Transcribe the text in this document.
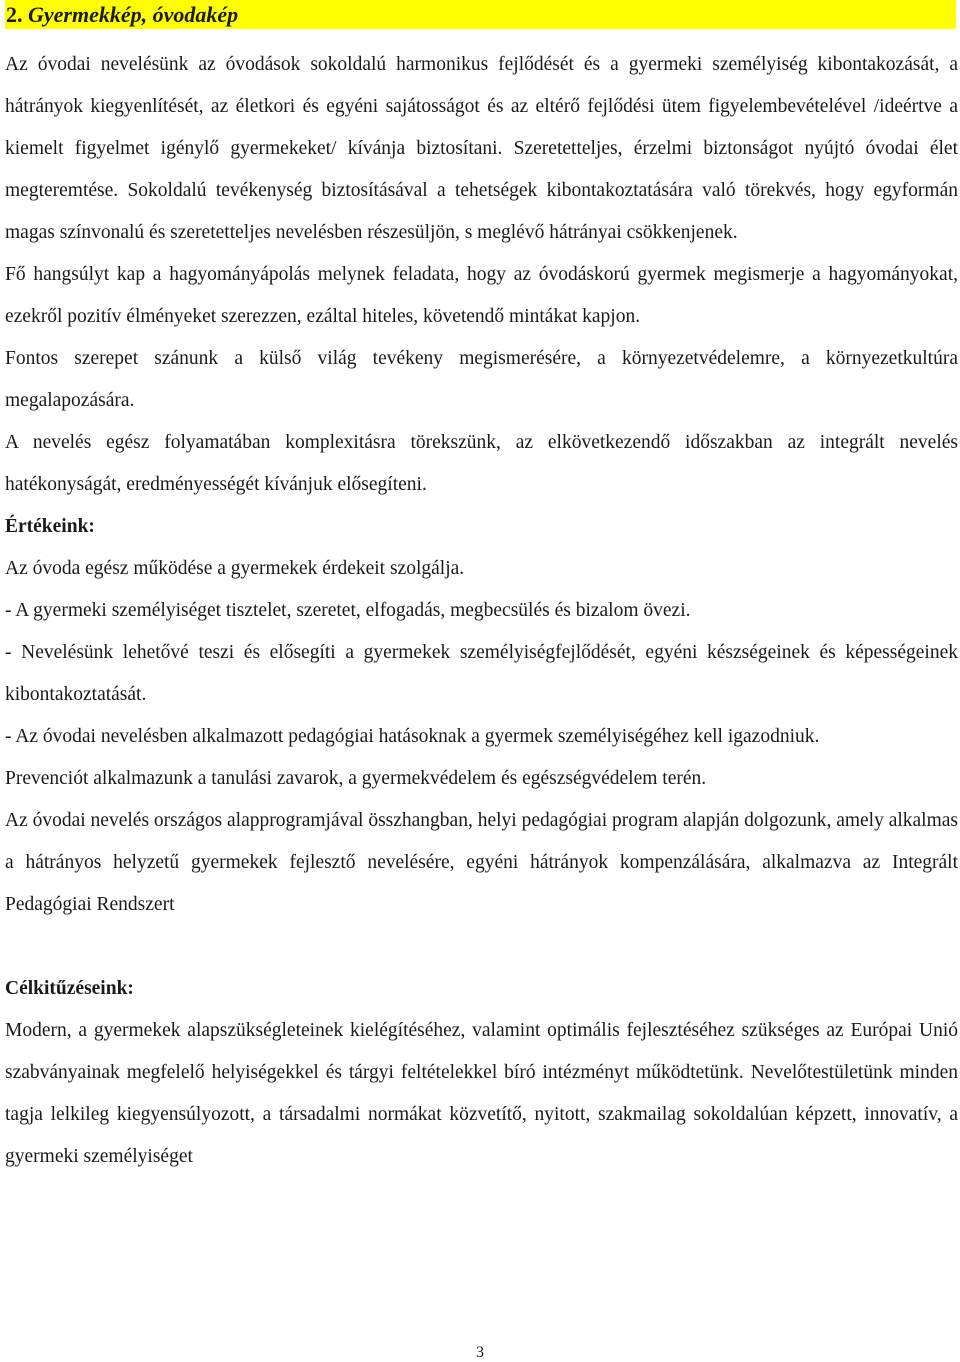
2. Gyermekkép, óvodakép

Az óvodai nevelésünk az óvodások sokoldalú harmonikus fejlődését és a gyermeki személyiség kibontakozását, a hátrányok kiegyenlítését, az életkori és egyéni sajátosságot és az eltérő fejlődési ütem figyelembevételével /ideértve a kiemelt figyelmet igénylő gyermekeket/ kívánja biztosítani. Szeretetteljes, érzelmi biztonságot nyújtó óvodai élet megteremtése. Sokoldalú tevékenység biztosításával a tehetségek kibontakoztatására való törekvés, hogy egyformán magas színvonalú és szeretetteljes nevelésben részesüljön, s meglévő hátrányai csökkenjenek.

Fő hangsúlyt kap a hagyományápolás melynek feladata, hogy az óvodáskorú gyermek megismerje a hagyományokat, ezekről pozitív élményeket szerezzen, ezáltal hiteles, követendő mintákat kapjon.

Fontos szerepet szánunk a külső világ tevékeny megismerésére, a környezetvédelemre, a környezetkultúra megalapozására.

A nevelés egész folyamatában komplexitásra törekszünk, az elkövetkezendő időszakban az integrált nevelés hatékonyságát, eredményességét kívánjuk elősegíteni.

Értékeink:

Az óvoda egész működése a gyermekek érdekeit szolgálja.

- A gyermeki személyiséget tisztelet, szeretet, elfogadás, megbecsülés és bizalom övezi.

- Nevelésünk lehetővé teszi és elősegíti a gyermekek személyiségfejlődését, egyéni készségeinek és képességeinek kibontakoztatását.

- Az óvodai nevelésben alkalmazott pedagógiai hatásoknak a gyermek személyiségéhez kell igazodniuk.

Prevenciót alkalmazunk a tanulási zavarok, a gyermekvédelem és egészségvédelem terén.

Az óvodai nevelés országos alapprogramjával összhangban, helyi pedagógiai program alapján dolgozunk, amely alkalmas a hátrányos helyzetű gyermekek fejlesztő nevelésére, egyéni hátrányok kompenzálására, alkalmazva az Integrált Pedagógiai Rendszert

Célkitűzéseink:

Modern, a gyermekek alapszükségleteinek kielégítéséhez, valamint optimális fejlesztéséhez szükséges az Európai Unió szabványainak megfelelő helyiségekkel és tárgyi feltételekkel bíró intézményt működtetünk. Nevelőtestületünk minden tagja lelkileg kiegyensúlyozott, a társadalmi normákat közvetítő, nyitott, szakmailag sokoldalúan képzett, innovatív, a gyermeki személyiséget

3
